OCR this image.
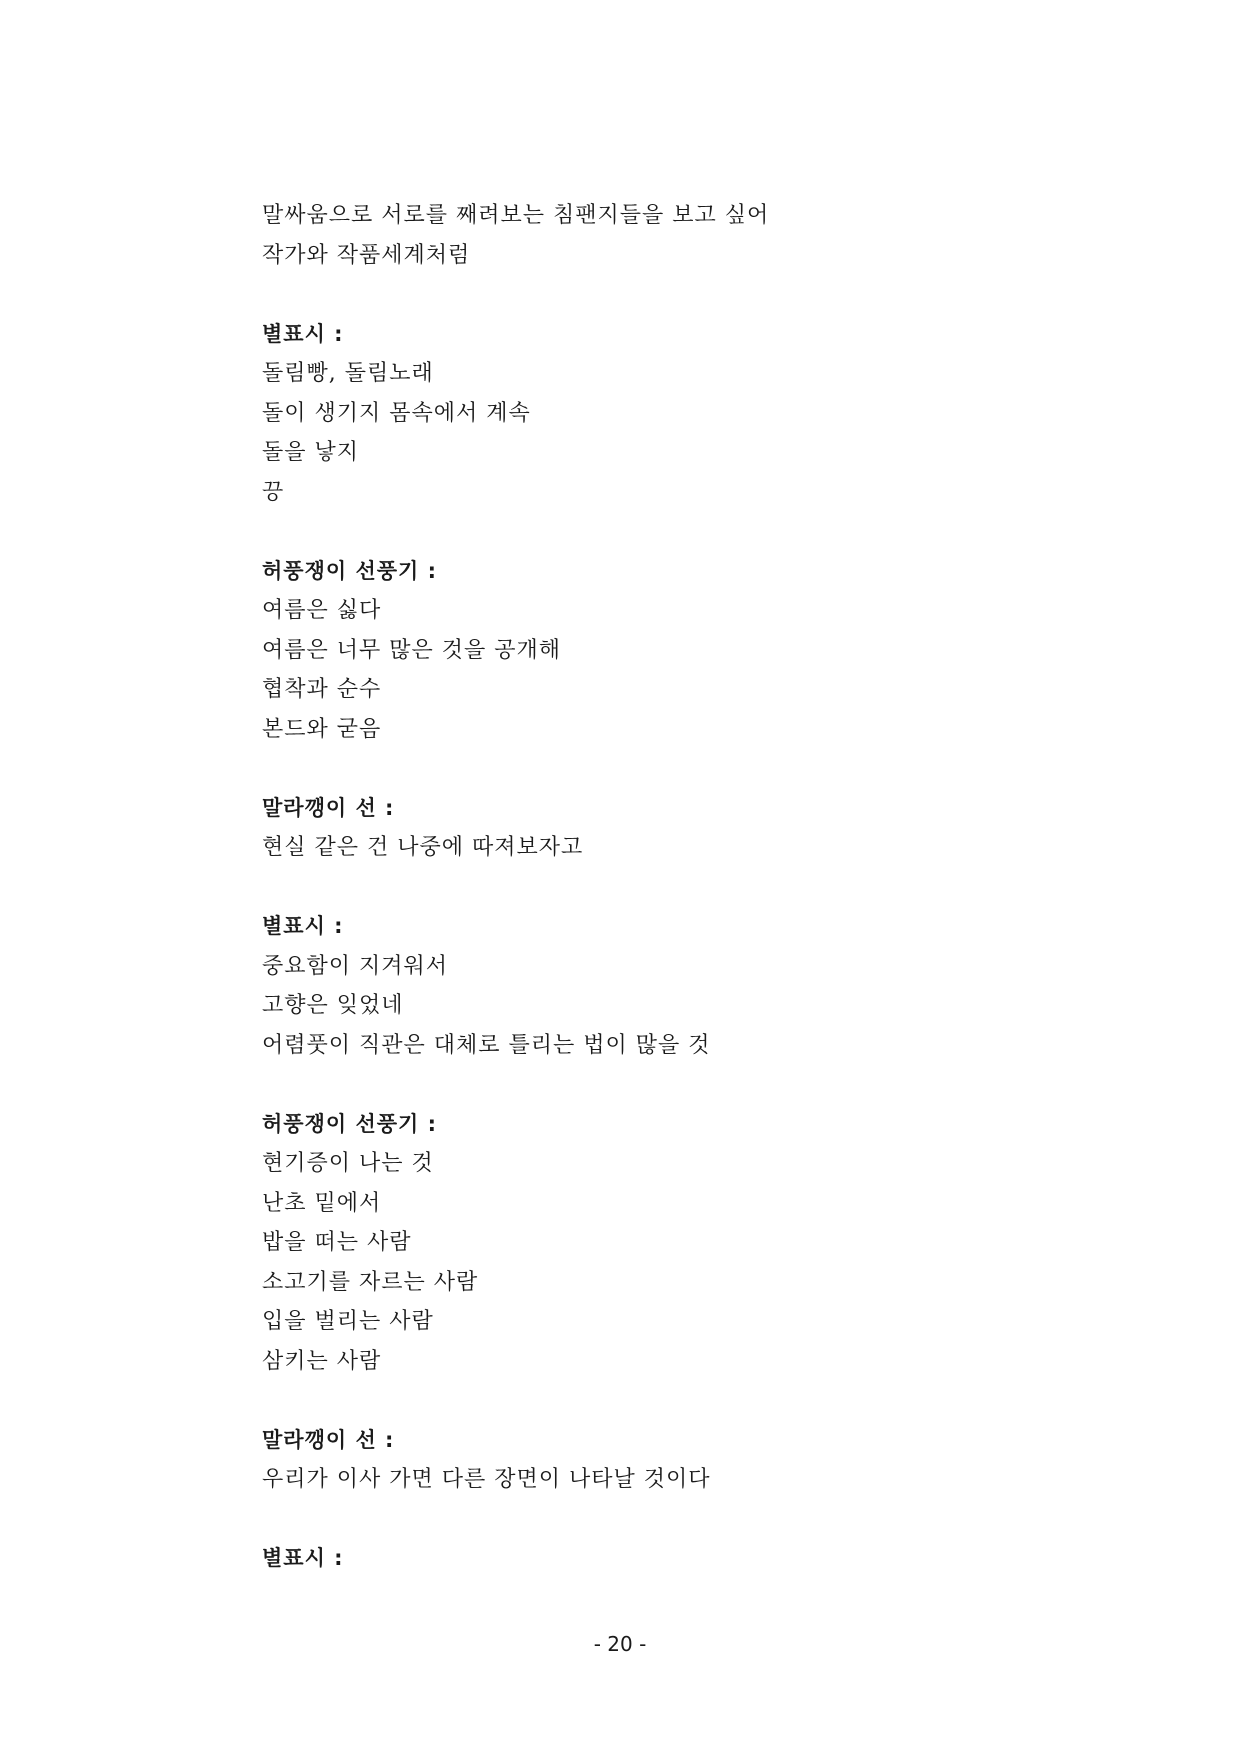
말싸움으로 서로를 째려보는 침팬지들을 보고 싶어
작가와 작품세계처럼
별표시 :
돌림빵, 돌림노래
돌이 생기지 몸속에서 계속
돌을 낳지
끙
허풍쟁이 선풍기 :
여름은 싫다
여름은 너무 많은 것을 공개해
협착과 순수
본드와 굳음
말라깽이 선 :
현실 같은 건 나중에 따져보자고
별표시 :
중요함이 지겨워서
고향은 잊었네
어렴풋이 직관은 대체로 틀리는 법이 많을 것
허풍쟁이 선풍기 :
현기증이 나는 것
난초 밑에서
밥을 떠는 사람
소고기를 자르는 사람
입을 벌리는 사람
삼키는 사람
말라깽이 선 :
우리가 이사 가면 다른 장면이 나타날 것이다
별표시 :
- 20 -
